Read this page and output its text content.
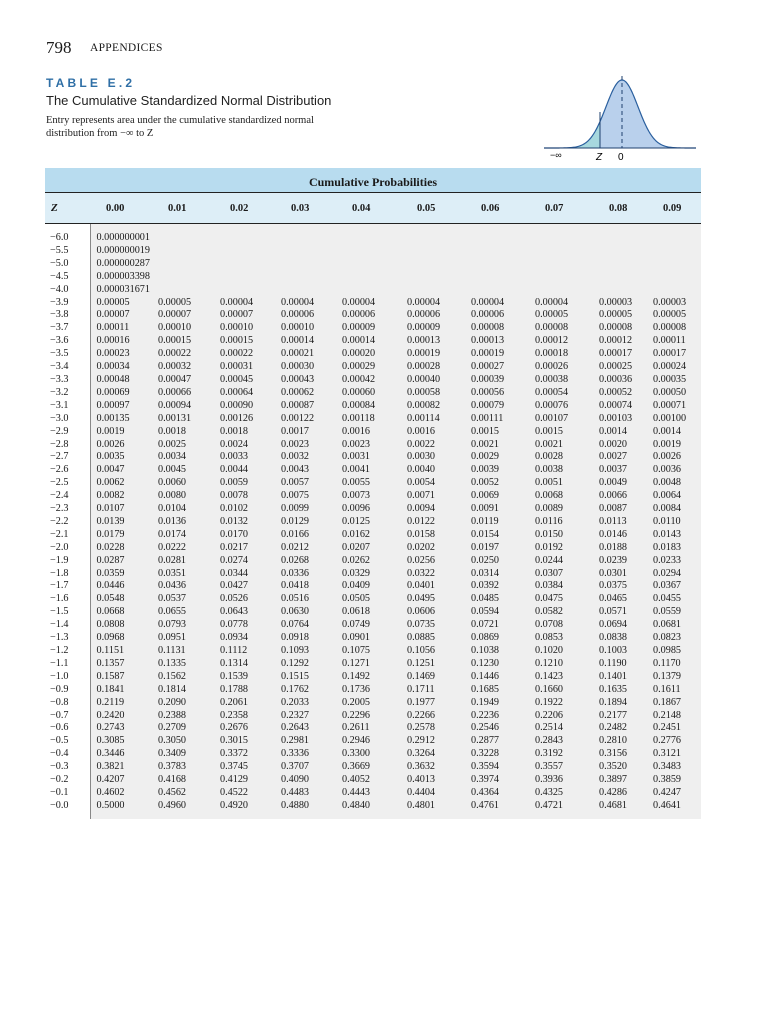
798 APPENDICES
TABLE E.2
The Cumulative Standardized Normal Distribution
Entry represents area under the cumulative standardized normal distribution from −∞ to Z
−∞	Z 0
Cumulative Probabilities										
Z	0.00	0.01	0.02	0.03	0.04	0.05	0.06	0.07	0.08	0.09
−6.0	0.000000001									
−5.5	0.000000019									
−5.0	0.000000287									
−4.5	0.000003398									
−4.0	0.000031671									
−3.9	0.00005	0.00005	0.00004	0.00004	0.00004	0.00004	0.00004	0.00004	0.00003	0.00003
−3.8	0.00007	0.00007	0.00007	0.00006	0.00006	0.00006	0.00006	0.00005	0.00005	0.00005
−3.7	0.00011	0.00010	0.00010	0.00010	0.00009	0.00009	0.00008	0.00008	0.00008	0.00008
−3.6	0.00016	0.00015	0.00015	0.00014	0.00014	0.00013	0.00013	0.00012	0.00012	0.00011
−3.5	0.00023	0.00022	0.00022	0.00021	0.00020	0.00019	0.00019	0.00018	0.00017	0.00017
−3.4	0.00034	0.00032	0.00031	0.00030	0.00029	0.00028	0.00027	0.00026	0.00025	0.00024
−3.3	0.00048	0.00047	0.00045	0.00043	0.00042	0.00040	0.00039	0.00038	0.00036	0.00035
−3.2	0.00069	0.00066	0.00064	0.00062	0.00060	0.00058	0.00056	0.00054	0.00052	0.00050
−3.1	0.00097	0.00094	0.00090	0.00087	0.00084	0.00082	0.00079	0.00076	0.00074	0.00071
−3.0	0.00135	0.00131	0.00126	0.00122	0.00118	0.00114	0.00111	0.00107	0.00103	0.00100
−2.9	0.0019	0.0018	0.0018	0.0017	0.0016	0.0016	0.0015	0.0015	0.0014	0.0014
−2.8	0.0026	0.0025	0.0024	0.0023	0.0023	0.0022	0.0021	0.0021	0.0020	0.0019
−2.7	0.0035	0.0034	0.0033	0.0032	0.0031	0.0030	0.0029	0.0028	0.0027	0.0026
−2.6	0.0047	0.0045	0.0044	0.0043	0.0041	0.0040	0.0039	0.0038	0.0037	0.0036
−2.5	0.0062	0.0060	0.0059	0.0057	0.0055	0.0054	0.0052	0.0051	0.0049	0.0048
−2.4	0.0082	0.0080	0.0078	0.0075	0.0073	0.0071	0.0069	0.0068	0.0066	0.0064
−2.3	0.0107	0.0104	0.0102	0.0099	0.0096	0.0094	0.0091	0.0089	0.0087	0.0084
−2.2	0.0139	0.0136	0.0132	0.0129	0.0125	0.0122	0.0119	0.0116	0.0113	0.0110
−2.1	0.0179	0.0174	0.0170	0.0166	0.0162	0.0158	0.0154	0.0150	0.0146	0.0143
−2.0	0.0228	0.0222	0.0217	0.0212	0.0207	0.0202	0.0197	0.0192	0.0188	0.0183
−1.9	0.0287	0.0281	0.0274	0.0268	0.0262	0.0256	0.0250	0.0244	0.0239	0.0233
−1.8	0.0359	0.0351	0.0344	0.0336	0.0329	0.0322	0.0314	0.0307	0.0301	0.0294
−1.7	0.0446	0.0436	0.0427	0.0418	0.0409	0.0401	0.0392	0.0384	0.0375	0.0367
−1.6	0.0548	0.0537	0.0526	0.0516	0.0505	0.0495	0.0485	0.0475	0.0465	0.0455
−1.5	0.0668	0.0655	0.0643	0.0630	0.0618	0.0606	0.0594	0.0582	0.0571	0.0559
−1.4	0.0808	0.0793	0.0778	0.0764	0.0749	0.0735	0.0721	0.0708	0.0694	0.0681
−1.3	0.0968	0.0951	0.0934	0.0918	0.0901	0.0885	0.0869	0.0853	0.0838	0.0823
−1.2	0.1151	0.1131	0.1112	0.1093	0.1075	0.1056	0.1038	0.1020	0.1003	0.0985
−1.1	0.1357	0.1335	0.1314	0.1292	0.1271	0.1251	0.1230	0.1210	0.1190	0.1170
−1.0	0.1587	0.1562	0.1539	0.1515	0.1492	0.1469	0.1446	0.1423	0.1401	0.1379
−0.9	0.1841	0.1814	0.1788	0.1762	0.1736	0.1711	0.1685	0.1660	0.1635	0.1611
−0.8	0.2119	0.2090	0.2061	0.2033	0.2005	0.1977	0.1949	0.1922	0.1894	0.1867
−0.7	0.2420	0.2388	0.2358	0.2327	0.2296	0.2266	0.2236	0.2206	0.2177	0.2148
−0.6	0.2743	0.2709	0.2676	0.2643	0.2611	0.2578	0.2546	0.2514	0.2482	0.2451
−0.5	0.3085	0.3050	0.3015	0.2981	0.2946	0.2912	0.2877	0.2843	0.2810	0.2776
−0.4	0.3446	0.3409	0.3372	0.3336	0.3300	0.3264	0.3228	0.3192	0.3156	0.3121
−0.3	0.3821	0.3783	0.3745	0.3707	0.3669	0.3632	0.3594	0.3557	0.3520	0.3483
−0.2	0.4207	0.4168	0.4129	0.4090	0.4052	0.4013	0.3974	0.3936	0.3897	0.3859
−0.1	0.4602	0.4562	0.4522	0.4483	0.4443	0.4404	0.4364	0.4325	0.4286	0.4247
−0.0	0.5000	0.4960	0.4920	0.4880	0.4840	0.4801	0.4761	0.4721	0.4681	0.4641
